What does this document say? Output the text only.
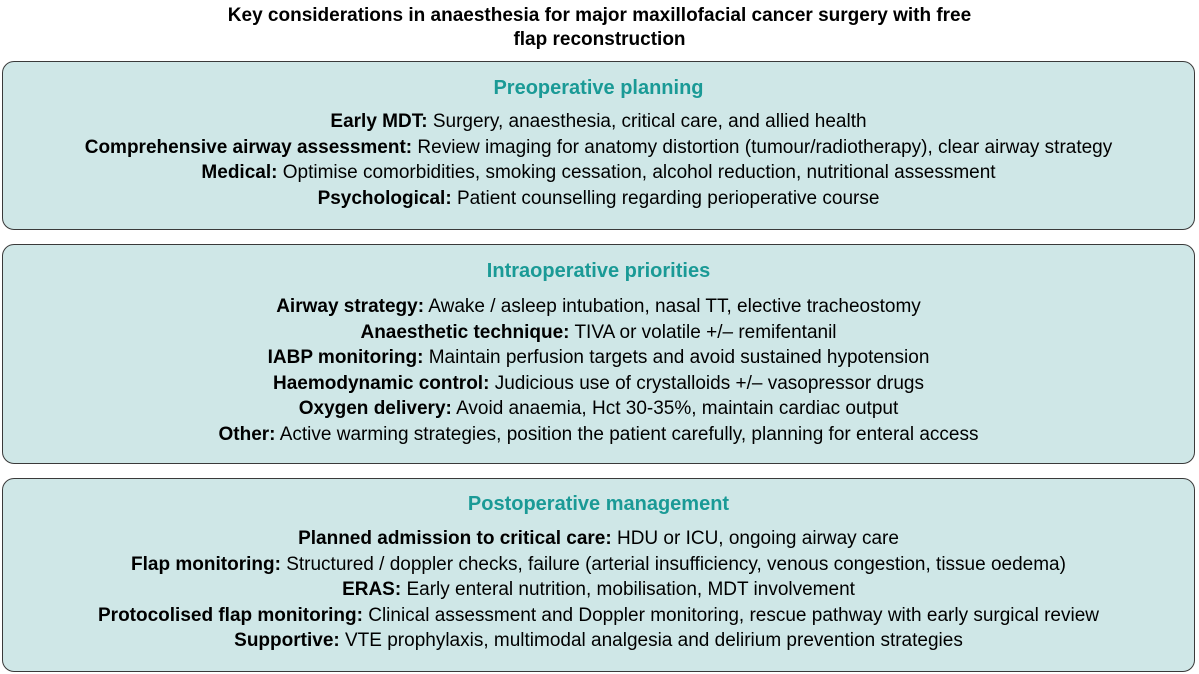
Key considerations in anaesthesia for major maxillofacial cancer surgery with free
flap reconstruction
Preoperative planning
Early MDT: Surgery, anaesthesia, critical care, and allied health
Comprehensive airway assessment: Review imaging for anatomy distortion (tumour/radiotherapy), clear airway strategy
Medical: Optimise comorbidities, smoking cessation, alcohol reduction, nutritional assessment
Psychological: Patient counselling regarding perioperative course
Intraoperative priorities
Airway strategy: Awake / asleep intubation, nasal TT, elective tracheostomy
Anaesthetic technique: TIVA or volatile +/– remifentanil
IABP monitoring: Maintain perfusion targets and avoid sustained hypotension
Haemodynamic control: Judicious use of crystalloids +/– vasopressor drugs
Oxygen delivery: Avoid anaemia, Hct 30-35%, maintain cardiac output
Other: Active warming strategies, position the patient carefully, planning for enteral access
Postoperative management
Planned admission to critical care: HDU or ICU, ongoing airway care
Flap monitoring: Structured / doppler checks, failure (arterial insufficiency, venous congestion, tissue oedema)
ERAS: Early enteral nutrition, mobilisation, MDT involvement
Protocolised flap monitoring: Clinical assessment and Doppler monitoring, rescue pathway with early surgical review
Supportive: VTE prophylaxis, multimodal analgesia and delirium prevention strategies
